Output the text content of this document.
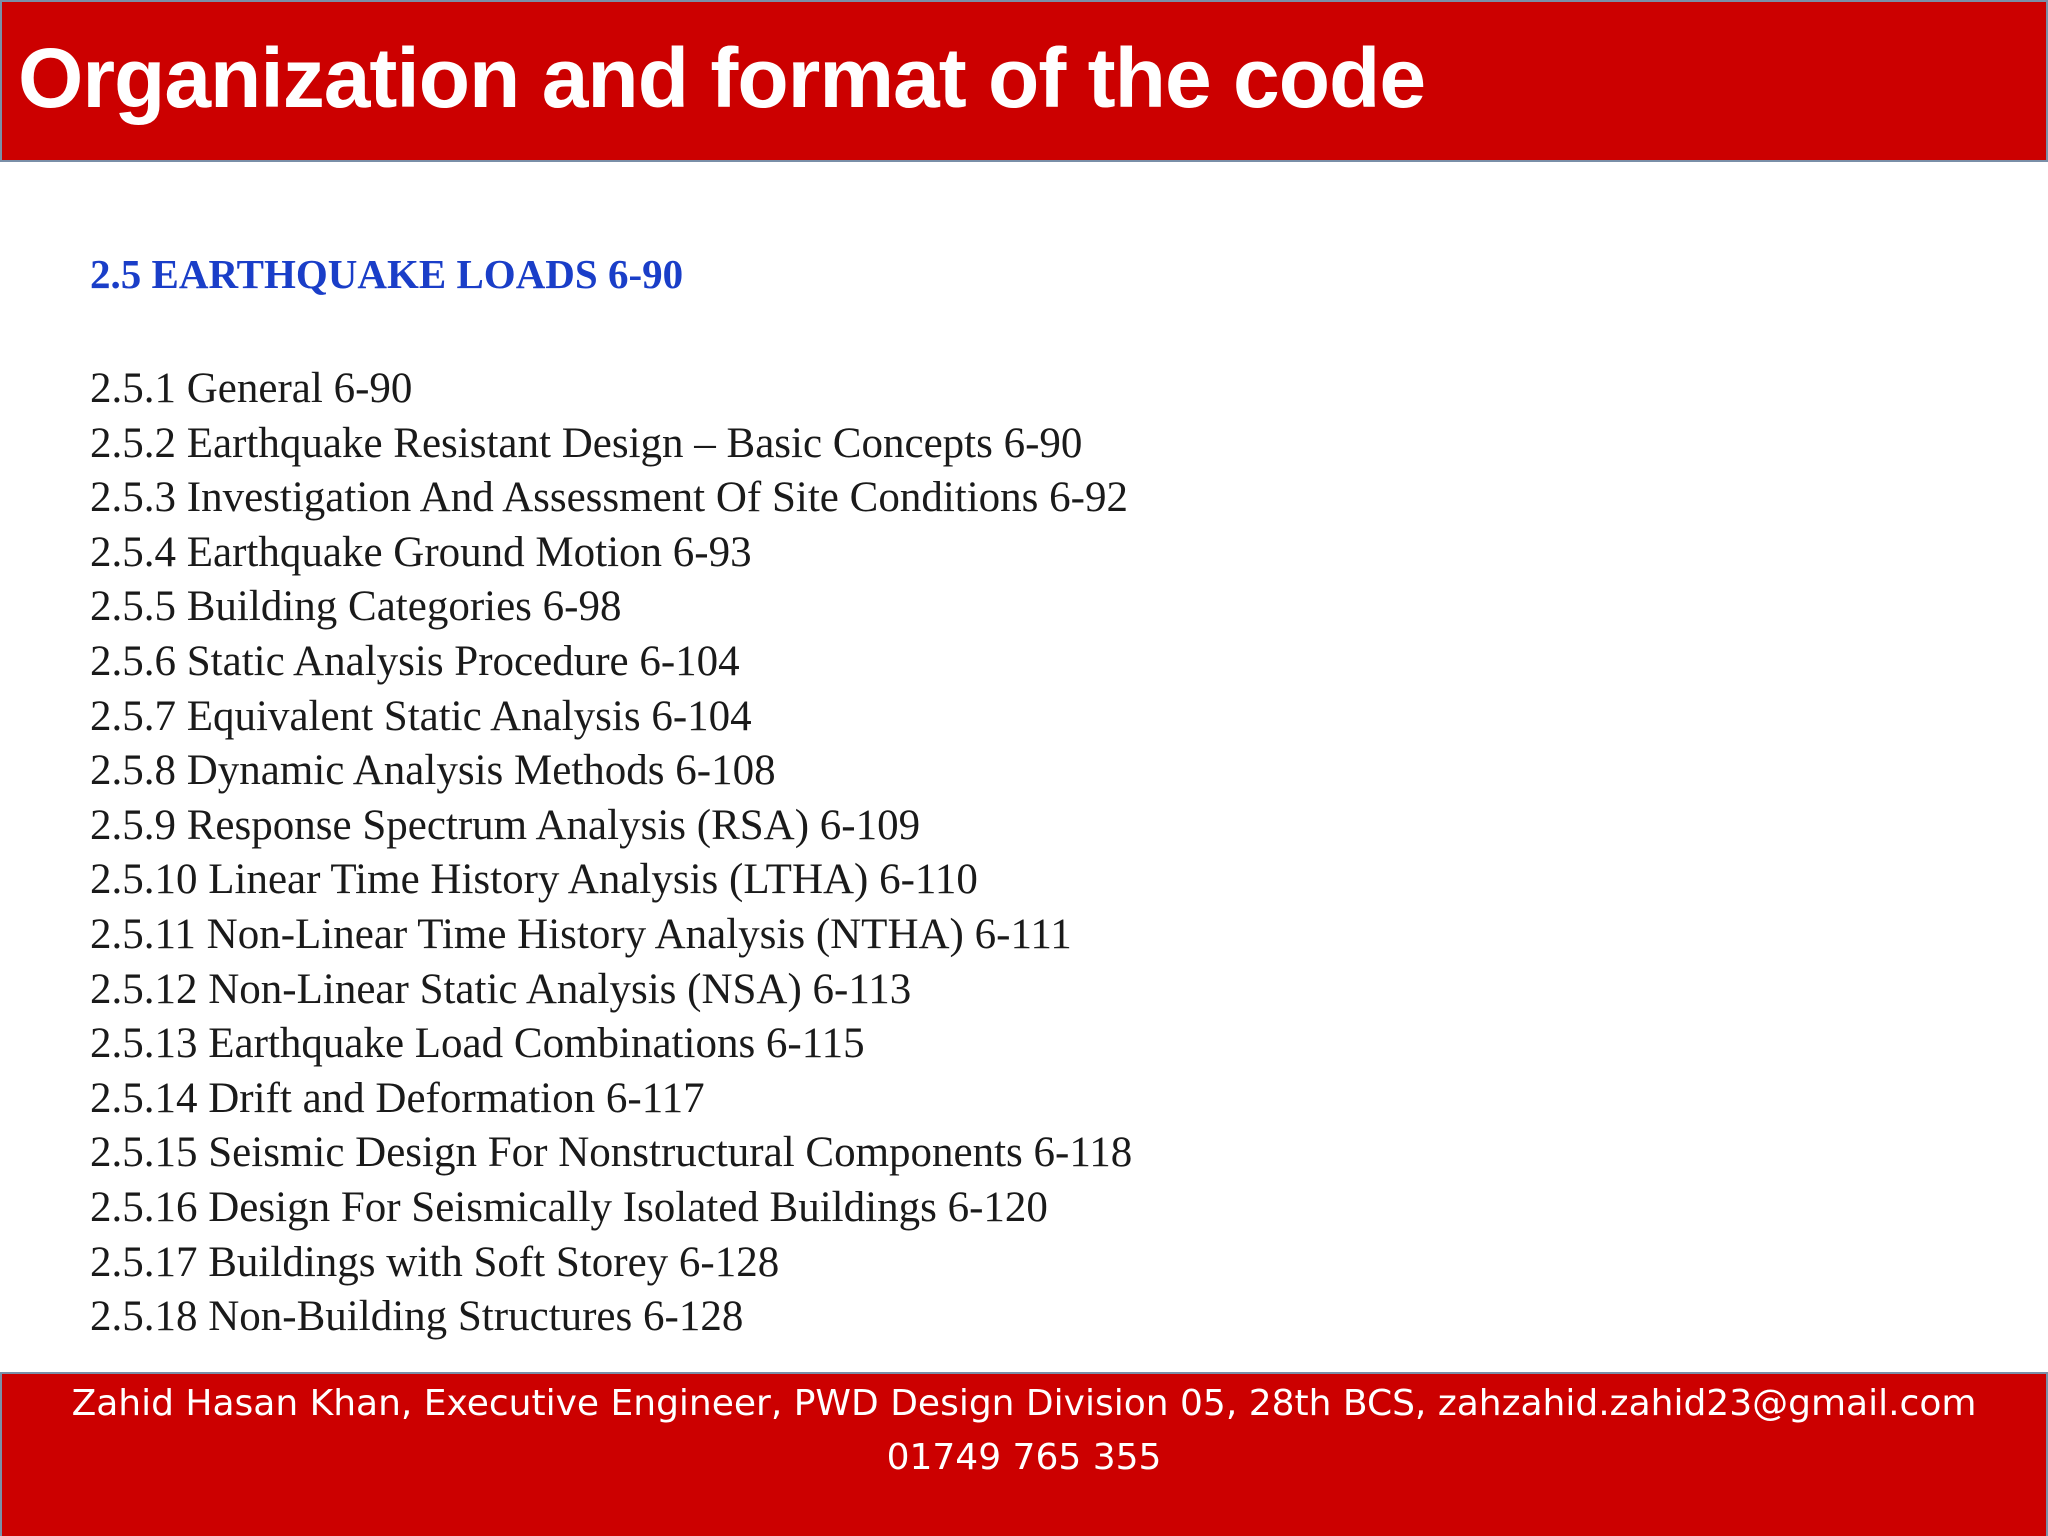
Organization and format of the code
2.5 EARTHQUAKE LOADS 6-90
2.5.1 General 6-90
2.5.2 Earthquake Resistant Design – Basic Concepts 6-90
2.5.3 Investigation And Assessment Of Site Conditions 6-92
2.5.4 Earthquake Ground Motion 6-93
2.5.5 Building Categories 6-98
2.5.6 Static Analysis Procedure 6-104
2.5.7 Equivalent Static Analysis 6-104
2.5.8 Dynamic Analysis Methods 6-108
2.5.9 Response Spectrum Analysis (RSA) 6-109
2.5.10 Linear Time History Analysis (LTHA) 6-110
2.5.11 Non-Linear Time History Analysis (NTHA) 6-111
2.5.12 Non-Linear Static Analysis (NSA) 6-113
2.5.13 Earthquake Load Combinations 6-115
2.5.14 Drift and Deformation 6-117
2.5.15 Seismic Design For Nonstructural Components 6-118
2.5.16 Design For Seismically Isolated Buildings 6-120
2.5.17 Buildings with Soft Storey 6-128
2.5.18 Non-Building Structures 6-128
Zahid Hasan Khan, Executive Engineer, PWD Design Division 05, 28th BCS, zahzahid.zahid23@gmail.com
01749 765 355
